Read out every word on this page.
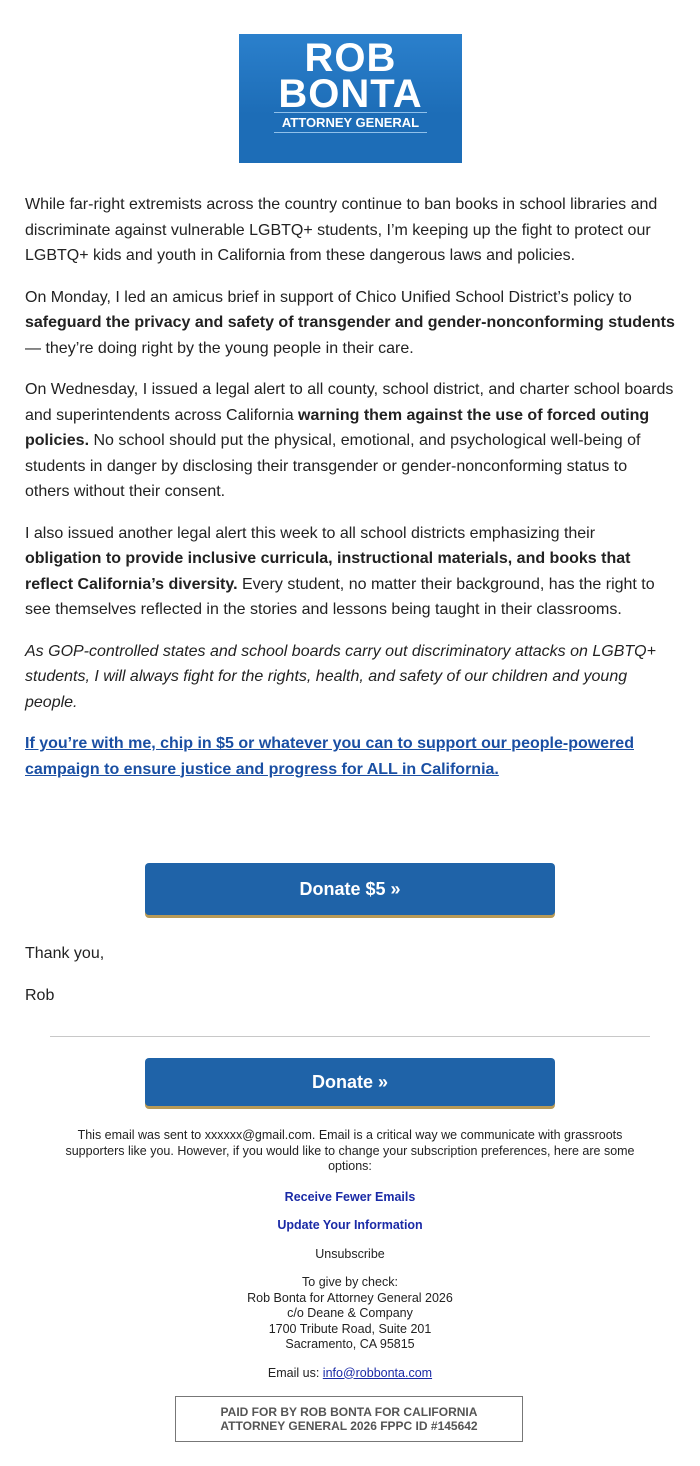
ROB
BONTA
ATTORNEY GENERAL

While far-right extremists across the country continue to ban books in school libraries and discriminate against vulnerable LGBTQ+ students, I’m keeping up the fight to protect our LGBTQ+ kids and youth in California from these dangerous laws and policies.

On Monday, I led an amicus brief in support of Chico Unified School District’s policy to safeguard the privacy and safety of transgender and gender-nonconforming students — they’re doing right by the young people in their care.

On Wednesday, I issued a legal alert to all county, school district, and charter school boards and superintendents across California warning them against the use of forced outing policies. No school should put the physical, emotional, and psychological well-being of students in danger by disclosing their transgender or gender-nonconforming status to others without their consent.

I also issued another legal alert this week to all school districts emphasizing their obligation to provide inclusive curricula, instructional materials, and books that reflect California’s diversity. Every student, no matter their background, has the right to see themselves reflected in the stories and lessons being taught in their classrooms.

As GOP-controlled states and school boards carry out discriminatory attacks on LGBTQ+ students, I will always fight for the rights, health, and safety of our children and young people.

If you’re with me, chip in $5 or whatever you can to support our people-powered campaign to ensure justice and progress for ALL in California.

Donate $5 »
Thank you,
Rob
Donate »

This email was sent to xxxxxx@gmail.com. Email is a critical way we communicate with grassroots supporters like you. However, if you would like to change your subscription preferences, here are some options:

Receive Fewer Emails

Update Your Information

Unsubscribe

To give by check:

Rob Bonta for Attorney General 2026

c/o Deane & Company

1700 Tribute Road, Suite 201

Sacramento, CA 95815

Email us: info@robbonta.com

PAID FOR BY ROB BONTA FOR CALIFORNIA ATTORNEY GENERAL 2026 FPPC ID #145642
